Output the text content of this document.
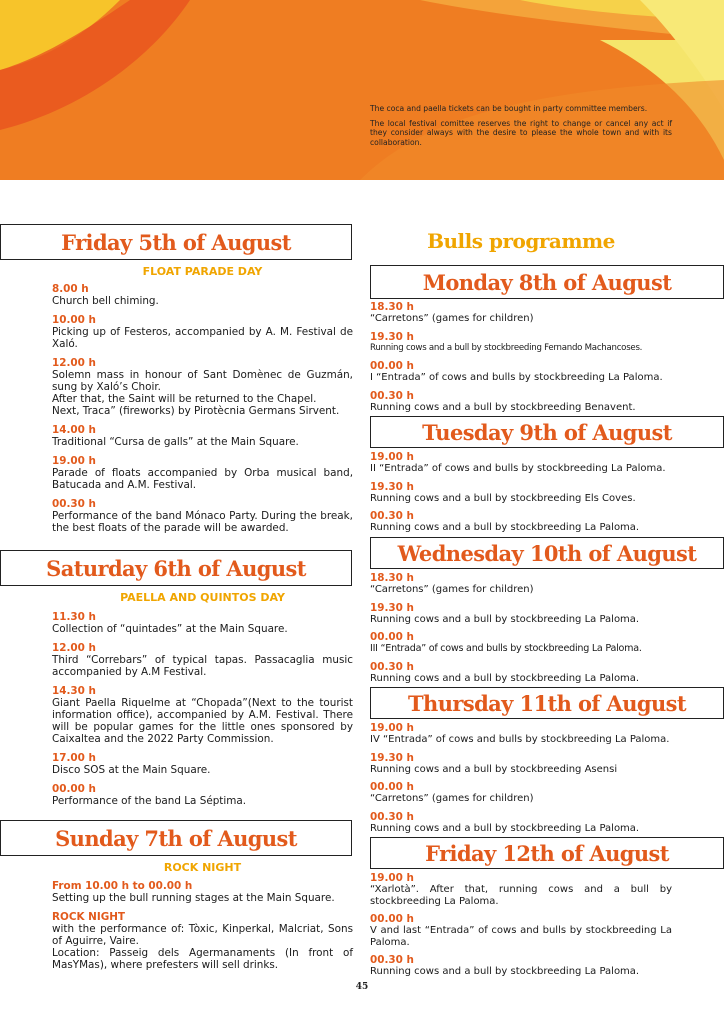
The coca and paella tickets can be bought in party committee members.

The local festival comittee reserves the right to change or cancel any act if they consider always with the desire to please the whole town and with its collaboration.

Friday 5th of August
FLOAT PARADE DAY
8.00 h
Church bell chiming.
10.00 h
Picking up of Festeros, accompanied by A. M. Festival de Xaló.
12.00 h
Solemn mass in honour of Sant Domènec de Guzmán, sung by Xaló’s Choir.
After that, the Saint will be returned to the Chapel.
Next, Traca” (fireworks) by Pirotècnia Germans Sirvent.
14.00 h
Traditional “Cursa de galls” at the Main Square.
19.00 h
Parade of floats accompanied by Orba musical band, Batucada and A.M. Festival.
00.30 h
Performance of the band Mónaco Party. During the break, the best floats of the parade will be awarded.
Saturday 6th of August
PAELLA AND QUINTOS DAY
11.30 h
Collection of “quintades” at the Main Square.
12.00 h
Third “Correbars” of typical tapas. Passacaglia music accompanied by A.M Festival.
14.30 h
Giant Paella Riquelme at “Chopada”(Next to the tourist information office), accompanied by A.M. Festival. There will be popular games for the little ones sponsored by Caixaltea and the 2022 Party Commission.
17.00 h
Disco SOS at the Main Square.
00.00 h
Performance of the band La Séptima.
Sunday 7th of August
ROCK NIGHT
From 10.00 h to 00.00 h
Setting up the bull running stages at the Main Square.
ROCK NIGHT
with the performance of: Tòxic, Kinperkal, Malcriat, Sons of Aguirre, Vaire.
Location: Passeig dels Agermanaments (In front of MasYMas), where prefesters will sell drinks.
Bulls programme
Monday 8th of August
18.30 h
“Carretons” (games for children)
19.30 h
Running cows and a bull by stockbreeding Fernando Machancoses.
00.00 h
I “Entrada” of cows and bulls by stockbreeding La Paloma.
00.30 h
Running cows and a bull by stockbreeding Benavent.
Tuesday 9th of August
19.00 h
II “Entrada” of cows and bulls by stockbreeding La Paloma.
19.30 h
Running cows and a bull by stockbreeding Els Coves.
00.30 h
Running cows and a bull by stockbreeding La Paloma.
Wednesday 10th of August
18.30 h
“Carretons” (games for children)
19.30 h
Running cows and a bull by stockbreeding La Paloma.
00.00 h
III “Entrada” of cows and bulls by stockbreeding La Paloma.
00.30 h
Running cows and a bull by stockbreeding La Paloma.
Thursday 11th of August
19.00 h
IV “Entrada” of cows and bulls by stockbreeding La Paloma.
19.30 h
Running cows and a bull by stockbreeding Asensi
00.00 h
“Carretons” (games for children)
00.30 h
Running cows and a bull by stockbreeding La Paloma.
Friday 12th of August
19.00 h
“Xarlotà”. After that, running cows and a bull by stockbreeding La Paloma.
00.00 h
V and last “Entrada” of cows and bulls by stockbreeding La Paloma.
00.30 h
Running cows and a bull by stockbreeding La Paloma.
45
